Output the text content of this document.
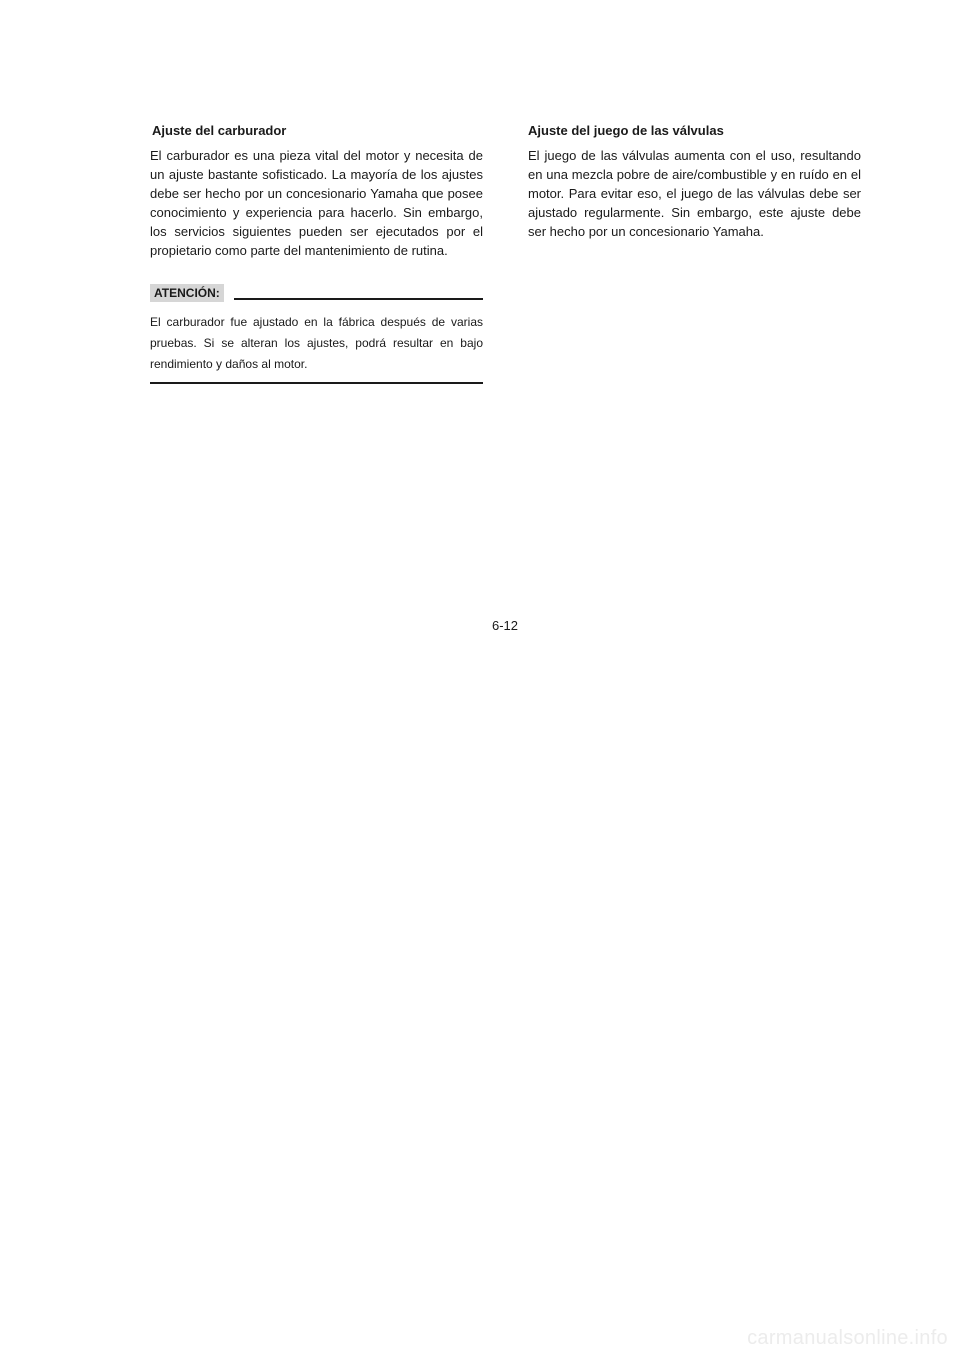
Ajuste del carburador

El carburador es una pieza vital del motor y necesita de un ajuste bastante sofisticado. La mayoría de los ajustes debe ser hecho por un concesionario Yamaha que posee conocimiento y experiencia para hacerlo. Sin embargo, los servicios siguientes pueden ser ejecutados por el propietario como parte del mantenimiento de rutina.

ATENCIÓN:

El carburador fue ajustado en la fábrica después de varias pruebas. Si se alteran los ajustes, podrá resultar en bajo rendimiento y daños al motor.

Ajuste del juego de las válvulas

El juego de las válvulas aumenta con el uso, resultando en una mezcla pobre de aire/combustible y en ruído en el motor. Para evitar eso, el juego de las válvulas debe ser ajustado regularmente. Sin embargo, este ajuste debe ser hecho por un concesionario Yamaha.

6-12
carmanualsonline.info
